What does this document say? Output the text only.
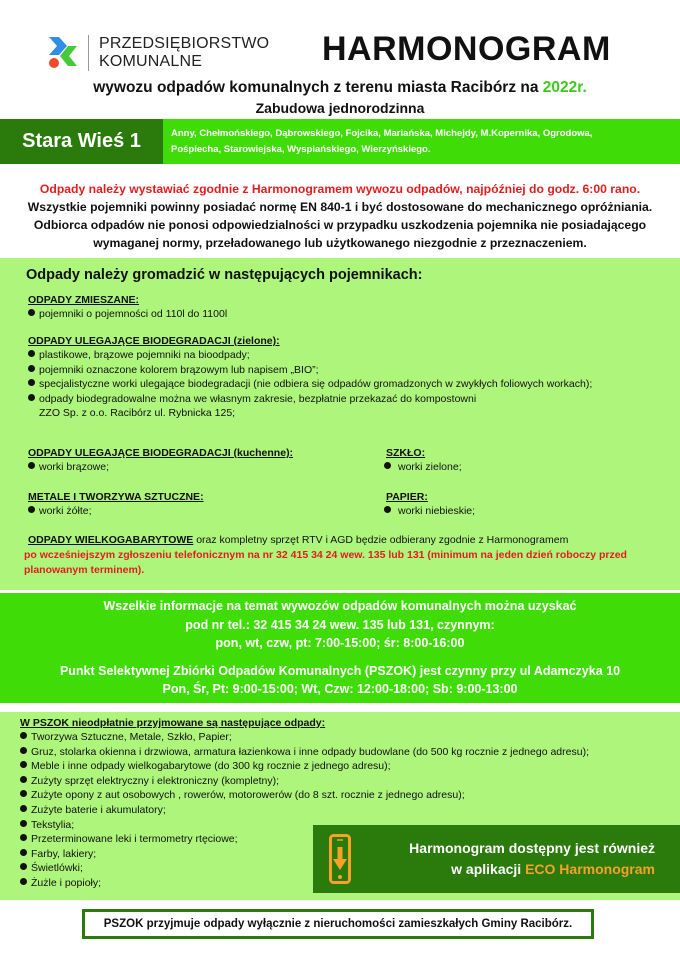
PRZEDSIĘBIORSTWO
KOMUNALNE	HARMONOGRAM
wywozu odpadów komunalnych z terenu miasta Racibórz na 2022r.
Zabudowa jednorodzinna
Stara Wieś 1	Anny, Chełmońskiego, Dąbrowskiego, Fojcika, Mariańska, Michejdy, M.Kopernika, Ogrodowa,
Pośpiecha, Starowiejska, Wyspiańskiego, Wierzyńskiego.
Odpady należy wystawiać zgodnie z Harmonogramem wywozu odpadów, najpóźniej do godz. 6:00 rano.
Wszystkie pojemniki powinny posiadać normę EN 840-1 i być dostosowane do mechanicznego opróżniania.
Odbiorca odpadów nie ponosi odpowiedzialności w przypadku uszkodzenia pojemnika nie posiadającego
wymaganej normy, przeładowanego lub użytkowanego niezgodnie z przeznaczeniem.
Odpady należy gromadzić w następujących pojemnikach:
ODPADY ZMIESZANE:
pojemniki o pojemności od 110l do 1100l
ODPADY ULEGAJĄCE BIODEGRADACJI (zielone):
plastikowe, brązowe pojemniki na bioodpady;
pojemniki oznaczone kolorem brązowym lub napisem „BIO”;
specjalistyczne worki ulegające biodegradacji (nie odbiera się odpadów gromadzonych w zwykłych foliowych workach);
odpady biodegradowalne można we własnym zakresie, bezpłatnie przekazać do kompostowni
ZZO Sp. z o.o. Racibórz ul. Rybnicka 125;
ODPADY ULEGAJĄCE BIODEGRADACJI (kuchenne):
worki brązowe;
SZKŁO:
worki zielone;
METALE I TWORZYWA SZTUCZNE:
worki żółte;
PAPIER:
worki niebieskie;
ODPADY WIELKOGABARYTOWE oraz kompletny sprzęt RTV i AGD będzie odbierany zgodnie z Harmonogramem
po wcześniejszym zgłoszeniu telefonicznym na nr 32 415 34 24 wew. 135 lub 131 (minimum na jeden dzień roboczy przed
planowanym terminem).
Wszelkie informacje na temat wywozów odpadów komunalnych można uzyskać
pod nr tel.: 32 415 34 24 wew. 135 lub 131, czynnym:
pon, wt, czw, pt: 7:00-15:00; śr: 8:00-16:00
Punkt Selektywnej Zbiórki Odpadów Komunalnych (PSZOK) jest czynny przy ul Adamczyka 10
Pon, Śr, Pt: 9:00-15:00; Wt, Czw: 12:00-18:00; Sb: 9:00-13:00
W PSZOK nieodpłatnie przyjmowane są następujące odpady:
Tworzywa Sztuczne, Metale, Szkło, Papier;
Gruz, stolarka okienna i drzwiowa, armatura łazienkowa i inne odpady budowlane (do 500 kg rocznie z jednego adresu);
Meble i inne odpady wielkogabarytowe (do 300 kg rocznie z jednego adresu);
Zużyty sprzęt elektryczny i elektroniczny (kompletny);
Zużyte opony z aut osobowych , rowerów, motorowerów (do 8 szt. rocznie z jednego adresu);
Zużyte baterie i akumulatory;
Tekstylia;
Przeterminowane leki i termometry rtęciowe;
Farby, lakiery;
Świetlówki;
Żużle i popioły;
Harmonogram dostępny jest również
w aplikacji ECO Harmonogram
PSZOK przyjmuje odpady wyłącznie z nieruchomości zamieszkałych Gminy Racibórz.
